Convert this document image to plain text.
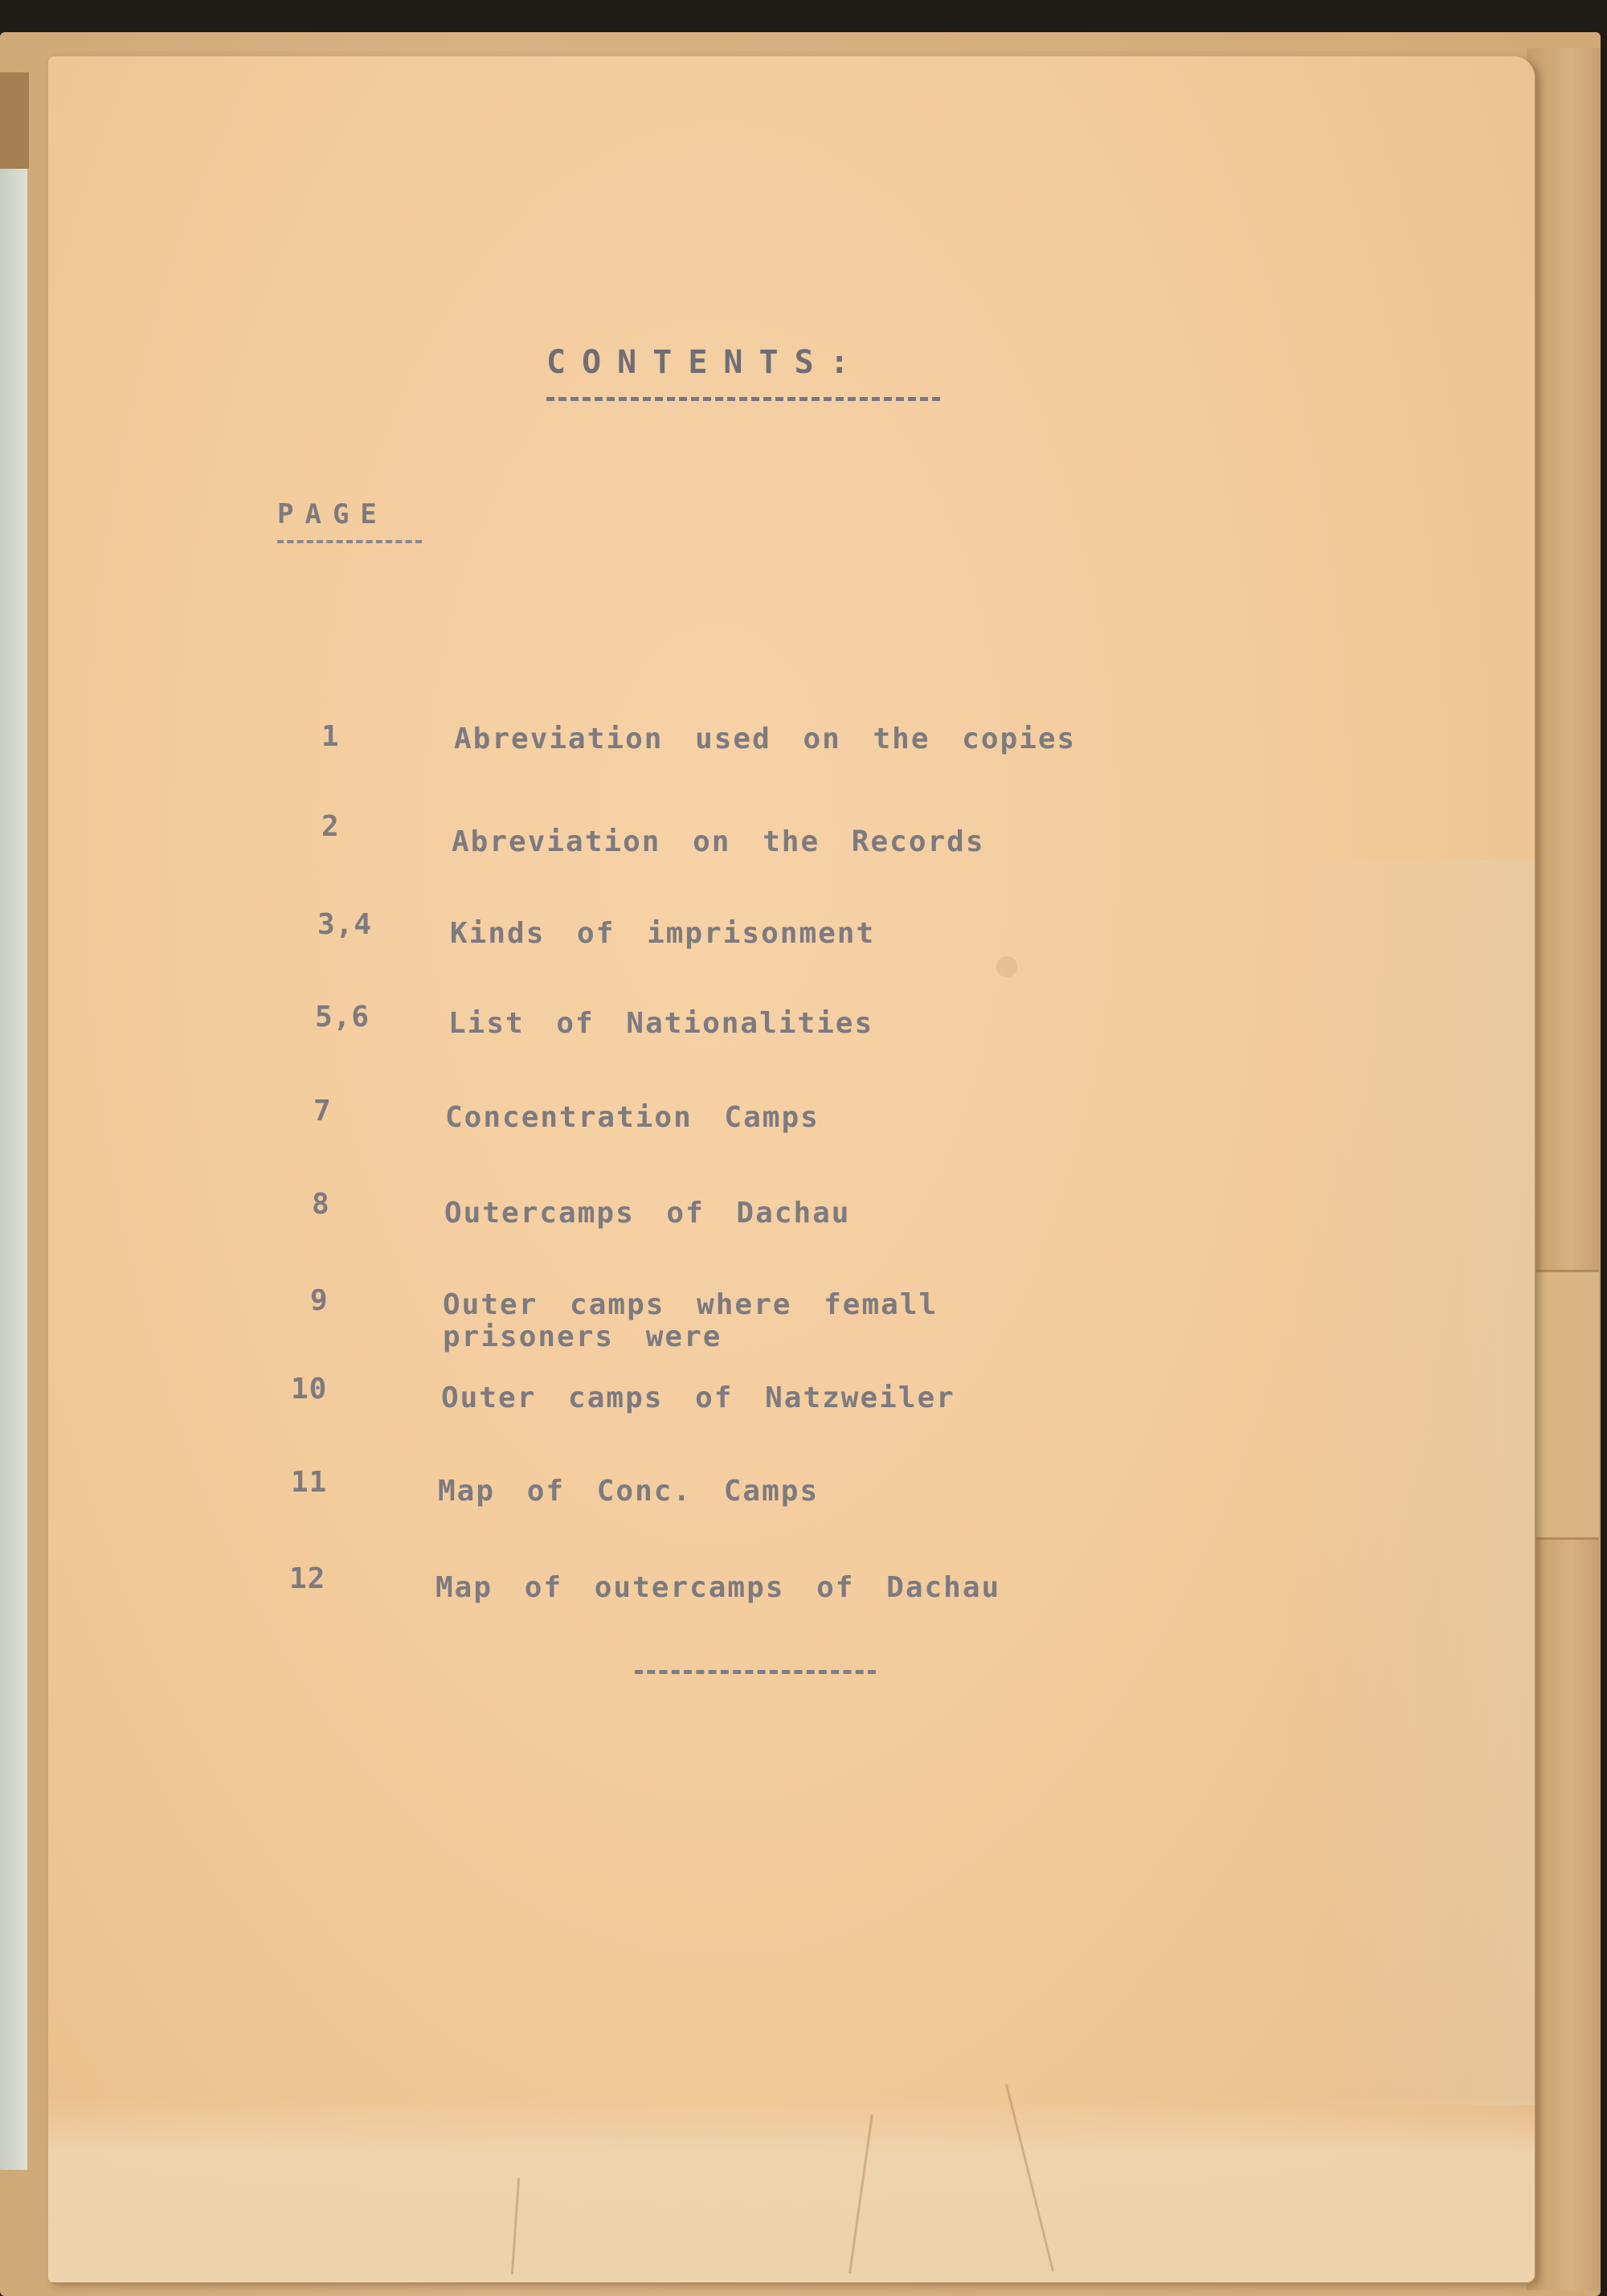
CONTENTS:
PAGE
1	Abreviation used on the copies
2	Abreviation on the Records
3,4	Kinds of imprisonment
5,6	List of Nationalities
7	Concentration Camps
8	Outercamps of Dachau
9	Outer camps where femall
prisoners were
10	Outer camps of Natzweiler
11	Map of Conc. Camps
12	Map of outercamps of Dachau
